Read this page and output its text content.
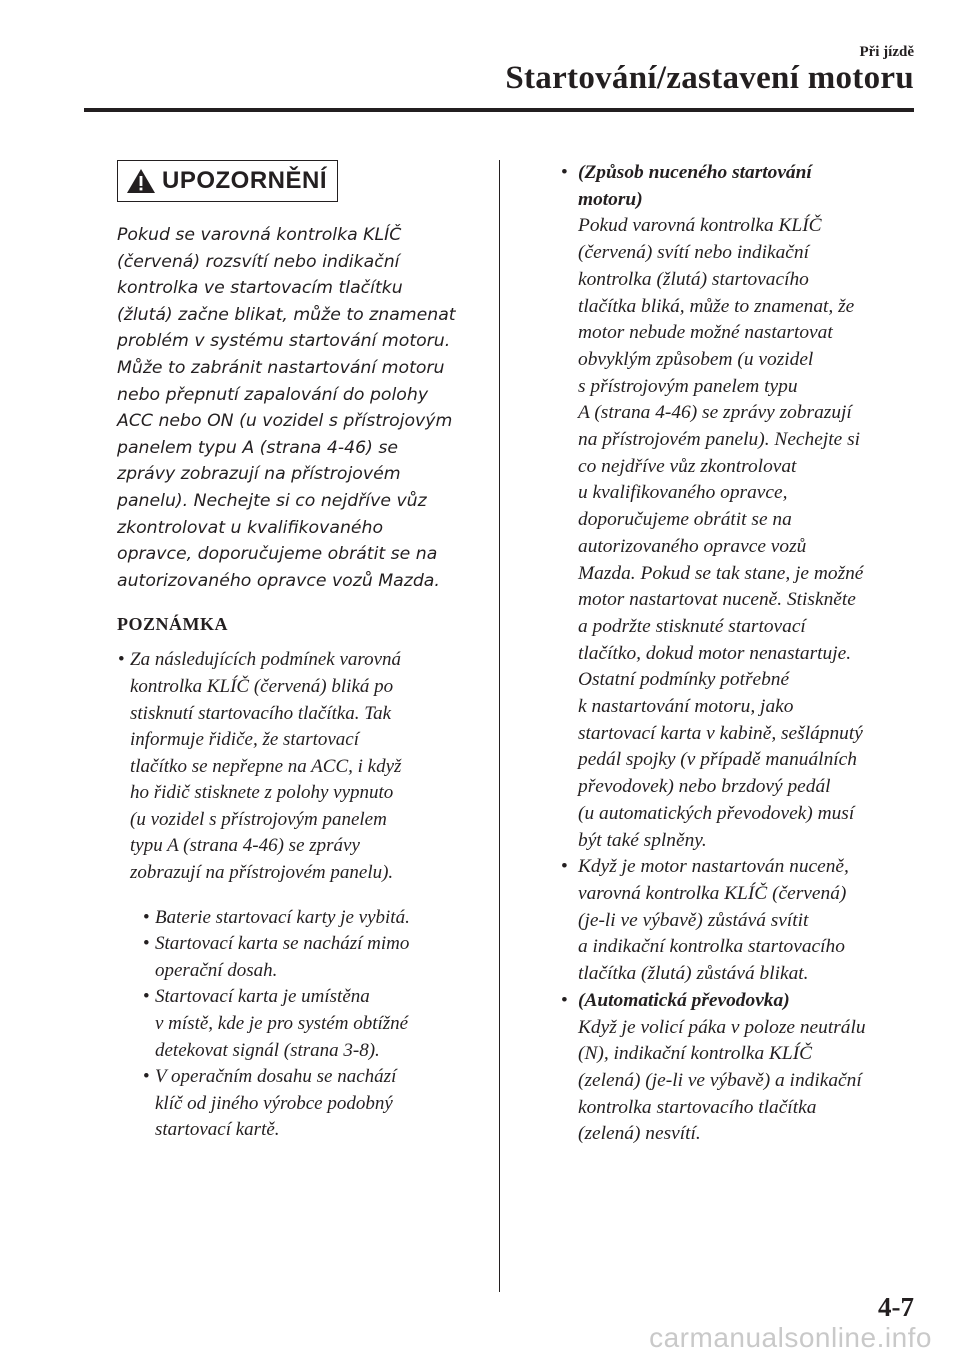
Při jízdě
Startování/zastavení motoru
UPOZORNĚNÍ
Pokud se varovná kontrolka KLÍČ
(červená) rozsvítí nebo indikační
kontrolka ve startovacím tlačítku
(žlutá) začne blikat, může to znamenat
problém v systému startování motoru.
Může to zabránit nastartování motoru
nebo přepnutí zapalování do polohy
ACC nebo ON (u vozidel s přístrojovým
panelem typu A (strana 4-46) se
zprávy zobrazují na přístrojovém
panelu). Nechejte si co nejdříve vůz
zkontrolovat u kvalifikovaného
opravce, doporučujeme obrátit se na
autorizovaného opravce vozů Mazda.
POZNÁMKA
• Za následujících podmínek varovná
kontrolka KLÍČ (červená) bliká po
stisknutí startovacího tlačítka. Tak
informuje řidiče, že startovací
tlačítko se nepřepne na ACC, i když
ho řidič stisknete z polohy vypnuto
(u vozidel s přístrojovým panelem
typu A (strana 4-46) se zprávy
zobrazují na přístrojovém panelu).
• Baterie startovací karty je vybitá.
• Startovací karta se nachází mimo
operační dosah.
• Startovací karta je umístěna
v místě, kde je pro systém obtížné
detekovat signál (strana 3-8).
• V operačním dosahu se nachází
klíč od jiného výrobce podobný
startovací kartě.
• (Způsob nuceného startování
motoru)
Pokud varovná kontrolka KLÍČ
(červená) svítí nebo indikační
kontrolka (žlutá) startovacího
tlačítka bliká, může to znamenat, že
motor nebude možné nastartovat
obvyklým způsobem (u vozidel
s přístrojovým panelem typu
A (strana 4-46) se zprávy zobrazují
na přístrojovém panelu). Nechejte si
co nejdříve vůz zkontrolovat
u kvalifikovaného opravce,
doporučujeme obrátit se na
autorizovaného opravce vozů
Mazda. Pokud se tak stane, je možné
motor nastartovat nuceně. Stiskněte
a podržte stisknuté startovací
tlačítko, dokud motor nenastartuje.
Ostatní podmínky potřebné
k nastartování motoru, jako
startovací karta v kabině, sešlápnutý
pedál spojky (v případě manuálních
převodovek) nebo brzdový pedál
(u automatických převodovek) musí
být také splněny.
• Když je motor nastartován nuceně,
varovná kontrolka KLÍČ (červená)
(je-li ve výbavě) zůstává svítit
a indikační kontrolka startovacího
tlačítka (žlutá) zůstává blikat.
• (Automatická převodovka)
Když je volicí páka v poloze neutrálu
(N), indikační kontrolka KLÍČ
(zelená) (je-li ve výbavě) a indikační
kontrolka startovacího tlačítka
(zelená) nesvítí.
4-7
carmanualsonline.info
